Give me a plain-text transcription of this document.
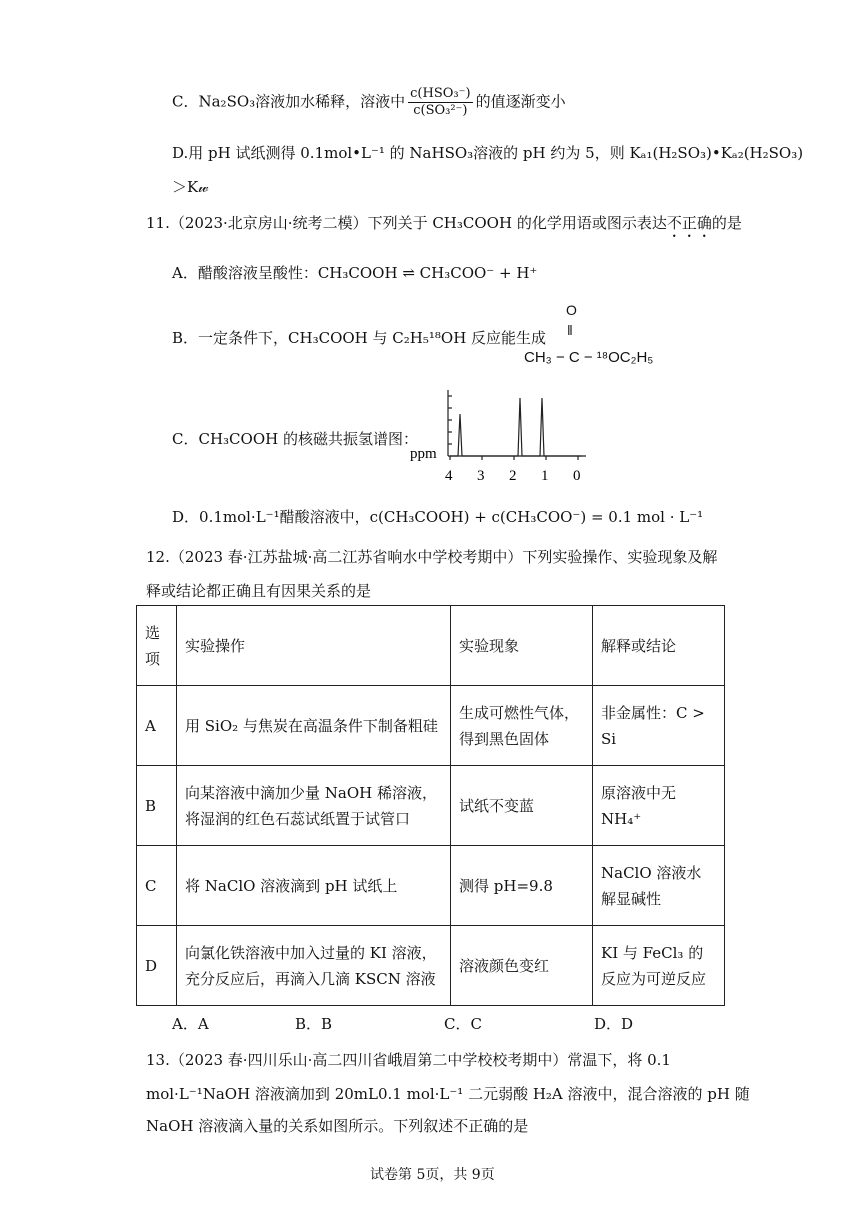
C．Na₂SO₃溶液加水稀释，溶液中 $\frac{\text{c(HSO₃⁻)}}{\text{c(SO₃²⁻)}}$ 的值逐渐变小
D.用 pH 试纸测得 0.1mol•L⁻¹ 的 NaHSO₃溶液的 pH 约为 5，则 Kₐ₁(H₂SO₃)•Kₐ₂(H₂SO₃)
＞K𝓌
11.（2023·北京房山·统考二模）下列关于 CH₃COOH 的化学用语或图示表达不正确的是
A．醋酸溶液呈酸性：CH₃COOH ⇌ CH₃COO⁻ + H⁺
B．一定条件下，CH₃COOH 与 C₂H₅¹⁸OH 反应能生成
O
‖
CH₃ − C − ¹⁸OC₂H₅
C．CH₃COOH 的核磁共振氢谱图：
ppm
4 3 2 1 0
D．0.1mol·L⁻¹醋酸溶液中，c(CH₃COOH) + c(CH₃COO⁻) = 0.1 mol · L⁻¹
12.（2023 春·江苏盐城·高二江苏省响水中学校考期中）下列实验操作、实验现象及解
释或结论都正确且有因果关系的是
选项	实验操作	实验现象	解释或结论
A	用 SiO₂ 与焦炭在高温条件下制备粗硅	生成可燃性气体，得到黑色固体	非金属性：C > Si
B	向某溶液中滴加少量 NaOH 稀溶液，将湿润的红色石蕊试纸置于试管口	试纸不变蓝	原溶液中无 NH₄⁺
C	将 NaClO 溶液滴到 pH 试纸上	测得 pH=9.8	NaClO 溶液水解显碱性
D	向氯化铁溶液中加入过量的 KI 溶液，充分反应后，再滴入几滴 KSCN 溶液	溶液颜色变红	KI 与 FeCl₃ 的反应为可逆反应
A．A	B．B	C．C	D．D
13.（2023 春·四川乐山·高二四川省峨眉第二中学校校考期中）常温下，将 0.1
mol·L⁻¹NaOH 溶液滴加到 20mL0.1 mol·L⁻¹ 二元弱酸 H₂A 溶液中，混合溶液的 pH 随
NaOH 溶液滴入量的关系如图所示。下列叙述不正确的是
试卷第 5页，共 9页
